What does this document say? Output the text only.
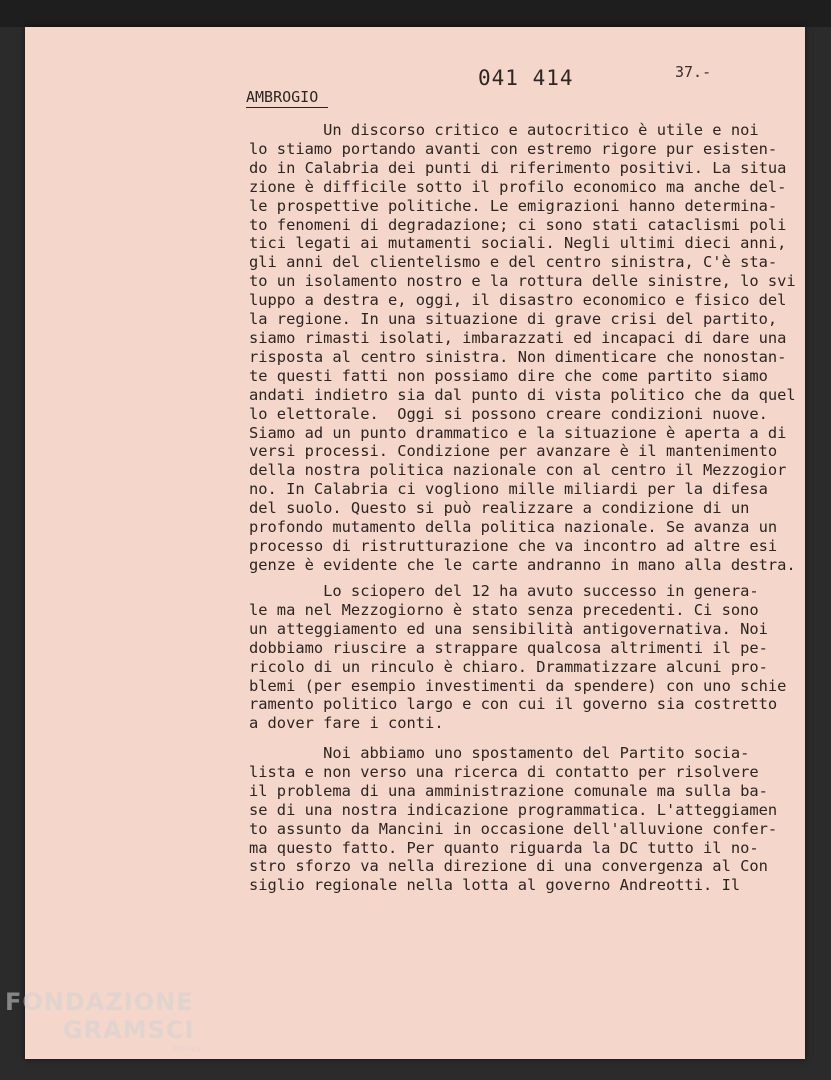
041 414	37.-
AMBROGIO
Un discorso critico e autocritico è utile e noi
lo stiamo portando avanti con estremo rigore pur esisten-
do in Calabria dei punti di riferimento positivi. La situa
zione è difficile sotto il profilo economico ma anche del-
le prospettive politiche. Le emigrazioni hanno determina-
to fenomeni di degradazione; ci sono stati cataclismi poli
tici legati ai mutamenti sociali. Negli ultimi dieci anni,
gli anni del clientelismo e del centro sinistra, C'è sta-
to un isolamento nostro e la rottura delle sinistre, lo svi
luppo a destra e, oggi, il disastro economico e fisico del
la regione. In una situazione di grave crisi del partito,
siamo rimasti isolati, imbarazzati ed incapaci di dare una
risposta al centro sinistra. Non dimenticare che nonostan-
te questi fatti non possiamo dire che come partito siamo
andati indietro sia dal punto di vista politico che da quel
lo elettorale.  Oggi si possono creare condizioni nuove.
Siamo ad un punto drammatico e la situazione è aperta a di
versi processi. Condizione per avanzare è il mantenimento
della nostra politica nazionale con al centro il Mezzogior
no. In Calabria ci vogliono mille miliardi per la difesa
del suolo. Questo si può realizzare a condizione di un
profondo mutamento della politica nazionale. Se avanza un
processo di ristrutturazione che va incontro ad altre esi
genze è evidente che le carte andranno in mano alla destra.
Lo sciopero del 12 ha avuto successo in genera-
le ma nel Mezzogiorno è stato senza precedenti. Ci sono
un atteggiamento ed una sensibilità antigovernativa. Noi
dobbiamo riuscire a strappare qualcosa altrimenti il pe-
ricolo di un rinculo è chiaro. Drammatizzare alcuni pro-
blemi (per esempio investimenti da spendere) con uno schie
ramento politico largo e con cui il governo sia costretto
a dover fare i conti.
Noi abbiamo uno spostamento del Partito socia-
lista e non verso una ricerca di contatto per risolvere
il problema di una amministrazione comunale ma sulla ba-
se di una nostra indicazione programmatica. L'atteggiamen
to assunto da Mancini in occasione dell'alluvione confer-
ma questo fatto. Per quanto riguarda la DC tutto il no-
stro sforzo va nella direzione di una convergenza al Con
siglio regionale nella lotta al governo Andreotti. Il
FONDAZIONE
GRAMSCI
onlus
